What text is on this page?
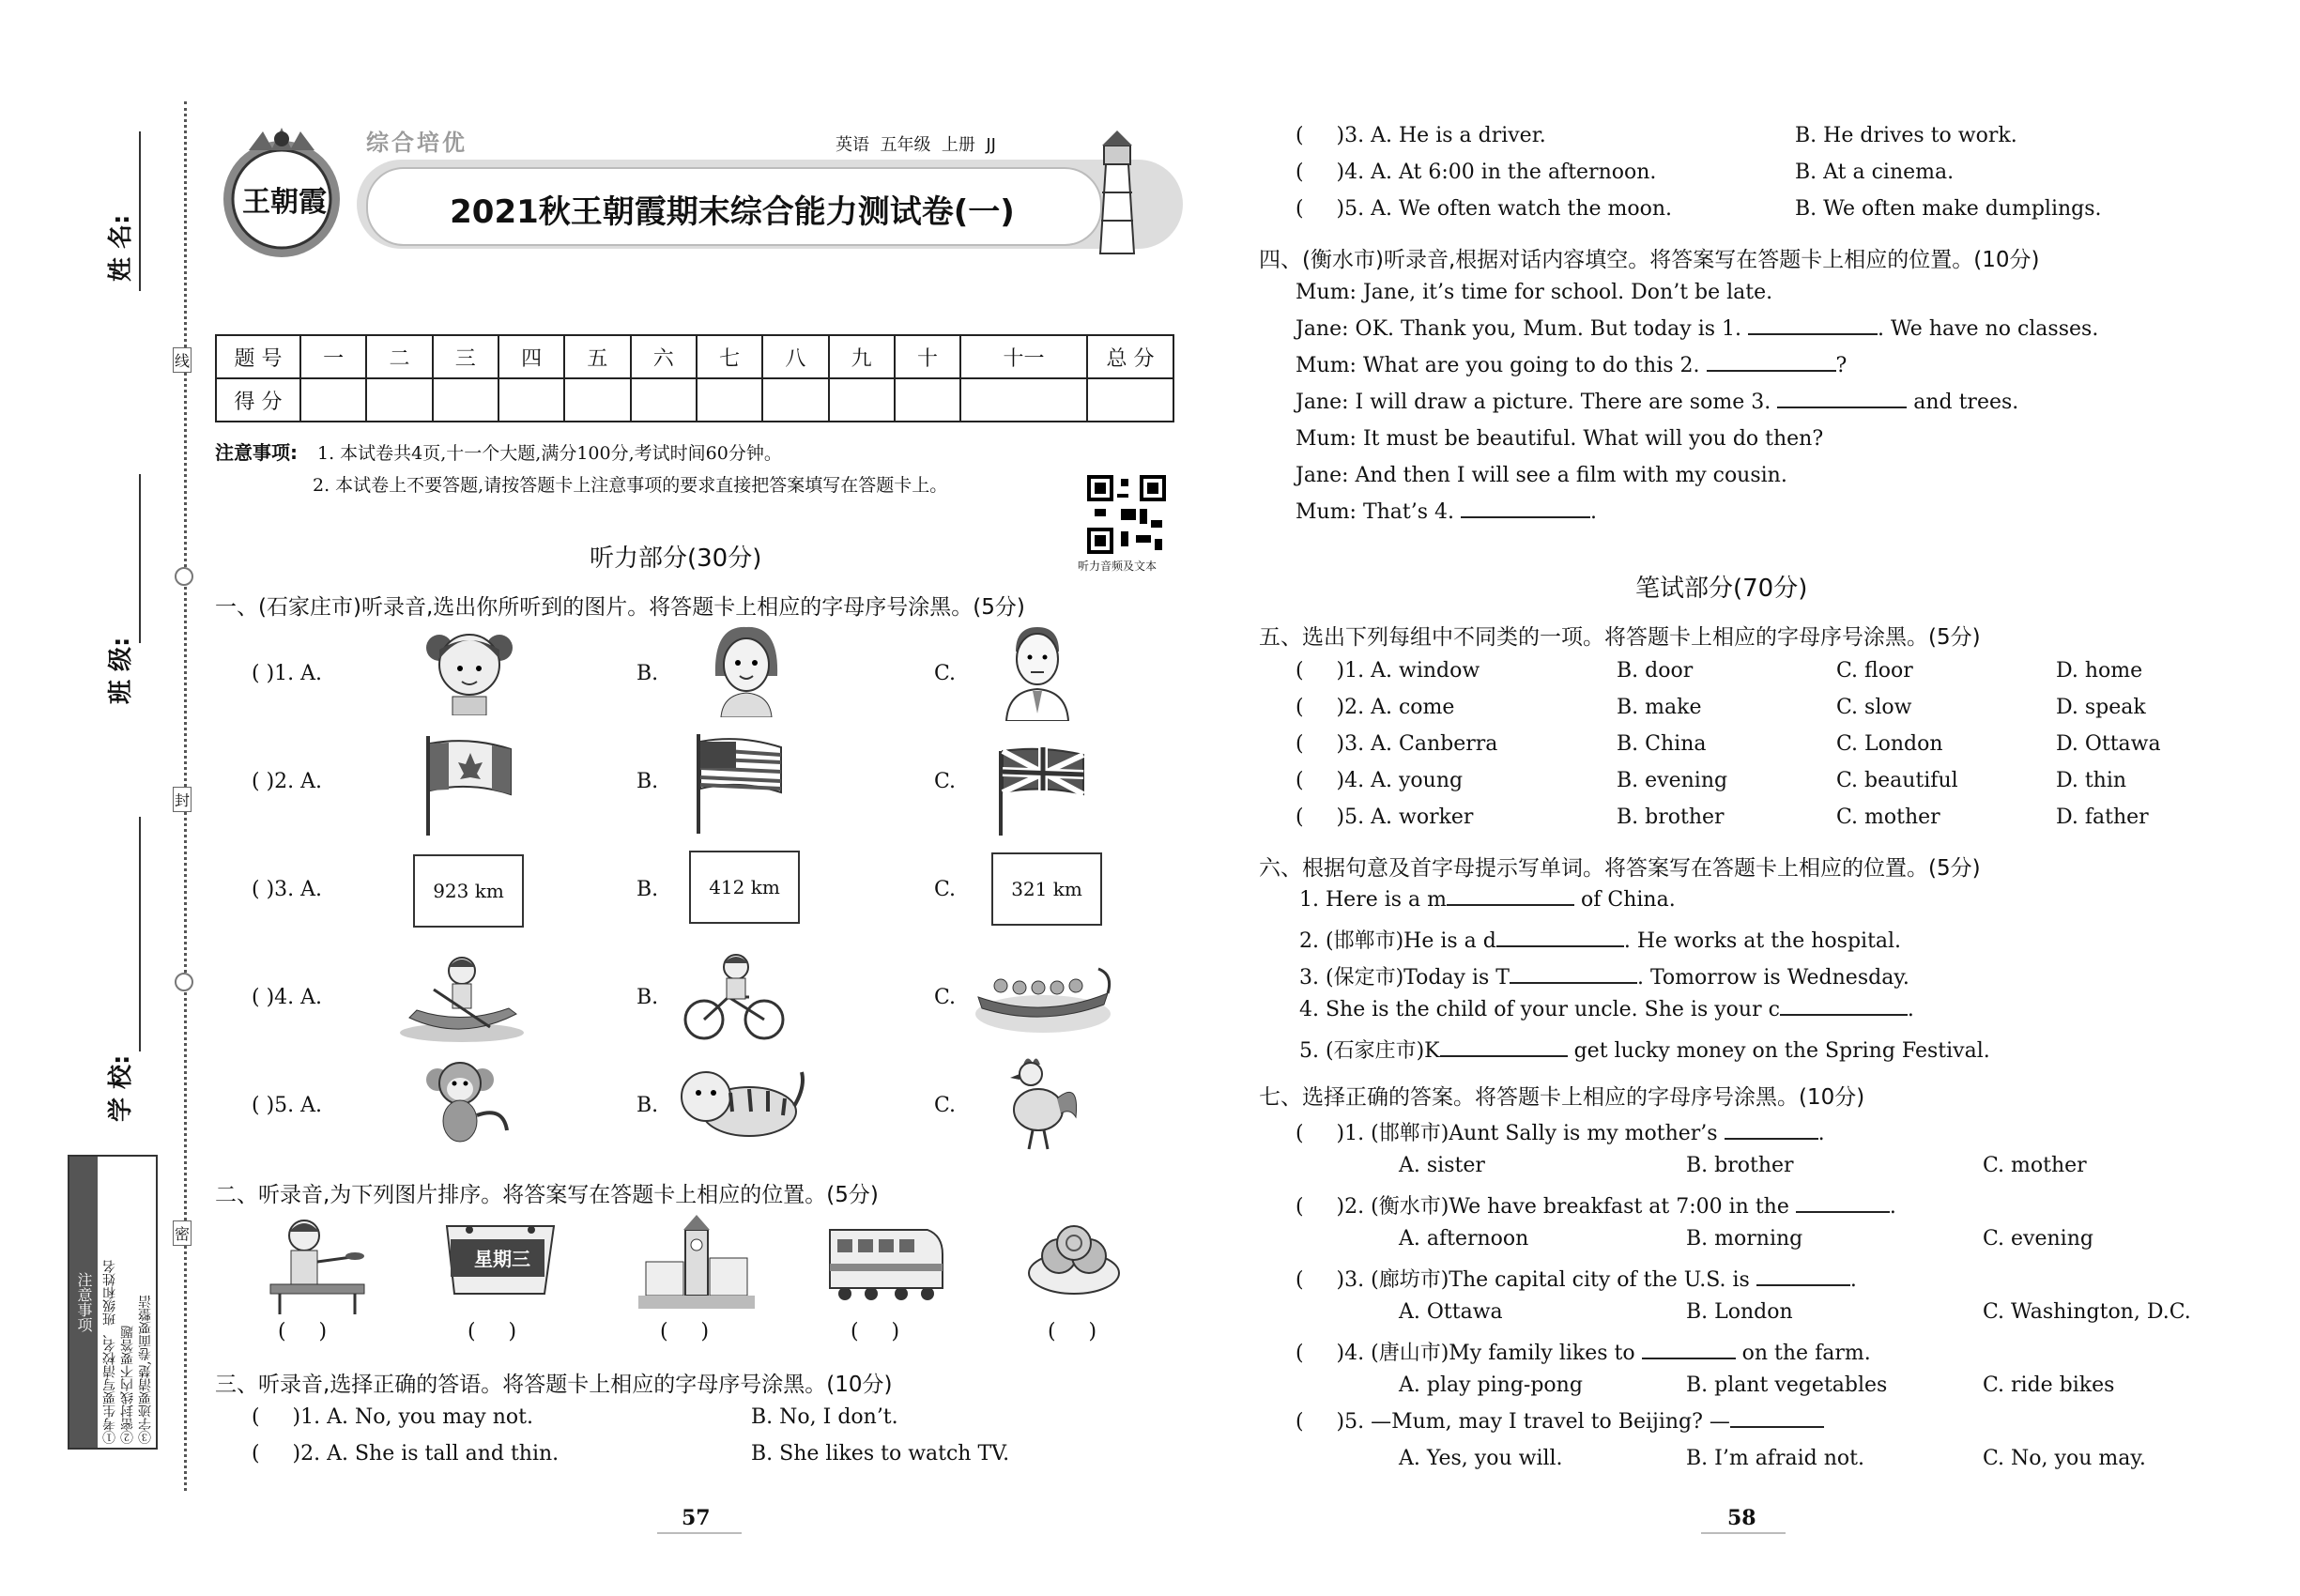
姓 名:
班 级:
学 校:
线
封
密
注意事项 ①考生要写清校名、班级和姓名 ②密封线内不要答题 ③字迹要清楚,卷面要整洁
王朝霞
综合培优	英语  五年级  上册  JJ
2021秋王朝霞期末综合能力测试卷(一)
题 号	一	二	三	四	五	六	七	八	九	十	十一	总 分
得 分												
注意事项: 1. 本试卷共4页,十一个大题,满分100分,考试时间60分钟。
2. 本试卷上不要答题,请按答题卡上注意事项的要求直接把答案填写在答题卡上。
听力音频及文本
听力部分(30分)
一、(石家庄市)听录音,选出你所听到的图片。将答题卡上相应的字母序号涂黑。(5分)
( )1. A.	B.	C.
( )2. A.	B.	C.
( )3. A.	B.	C.
923 km	412 km	321 km
( )4. A.	B.	C.
( )5. A.	B.	C.
二、听录音,为下列图片排序。将答案写在答题卡上相应的位置。(5分)
星期三
(     )	(     )	(     )	(     )	(     )
三、听录音,选择正确的答语。将答题卡上相应的字母序号涂黑。(10分)
(     )1. A. No, you may not.	B. No, I don’t.
(     )2. A. She is tall and thin.	B. She likes to watch TV.
57
(     )3. A. He is a driver.	B. He drives to work.
(     )4. A. At 6:00 in the afternoon.	B. At a cinema.
(     )5. A. We often watch the moon.	B. We often make dumplings.
四、(衡水市)听录音,根据对话内容填空。将答案写在答题卡上相应的位置。(10分)
Mum: Jane, it’s time for school. Don’t be late.
Jane: OK. Thank you, Mum. But today is 1.	. We have no classes.
Mum: What are you going to do this 2.	?
Jane: I will draw a picture. There are some 3.	and trees.
Mum: It must be beautiful. What will you do then?
Jane: And then I will see a film with my cousin.
Mum: That’s 4.	.
笔试部分(70分)
五、选出下列每组中不同类的一项。将答题卡上相应的字母序号涂黑。(5分)
(     )1. A. window	B. door	C. floor	D. home
(     )2. A. come	B. make	C. slow	D. speak
(     )3. A. Canberra	B. China	C. London	D. Ottawa
(     )4. A. young	B. evening	C. beautiful	D. thin
(     )5. A. worker	B. brother	C. mother	D. father
六、根据句意及首字母提示写单词。将答案写在答题卡上相应的位置。(5分)
1. Here is a m	of China.
2. (邯郸市)He is a d	. He works at the hospital.
3. (保定市)Today is T	. Tomorrow is Wednesday.
4. She is the child of your uncle. She is your c	.
5. (石家庄市)K	get lucky money on the Spring Festival.
七、选择正确的答案。将答题卡上相应的字母序号涂黑。(10分)
(     )1. (邯郸市)Aunt Sally is my mother’s	.
A. sister	B. brother	C. mother
(     )2. (衡水市)We have breakfast at 7:00 in the	.
A. afternoon	B. morning	C. evening
(     )3. (廊坊市)The capital city of the U.S. is	.
A. Ottawa	B. London	C. Washington, D.C.
(     )4. (唐山市)My family likes to	on the farm.
A. play ping-pong	B. plant vegetables	C. ride bikes
(     )5. —Mum, may I travel to Beijing? —
A. Yes, you will.	B. I’m afraid not.	C. No, you may.
58
